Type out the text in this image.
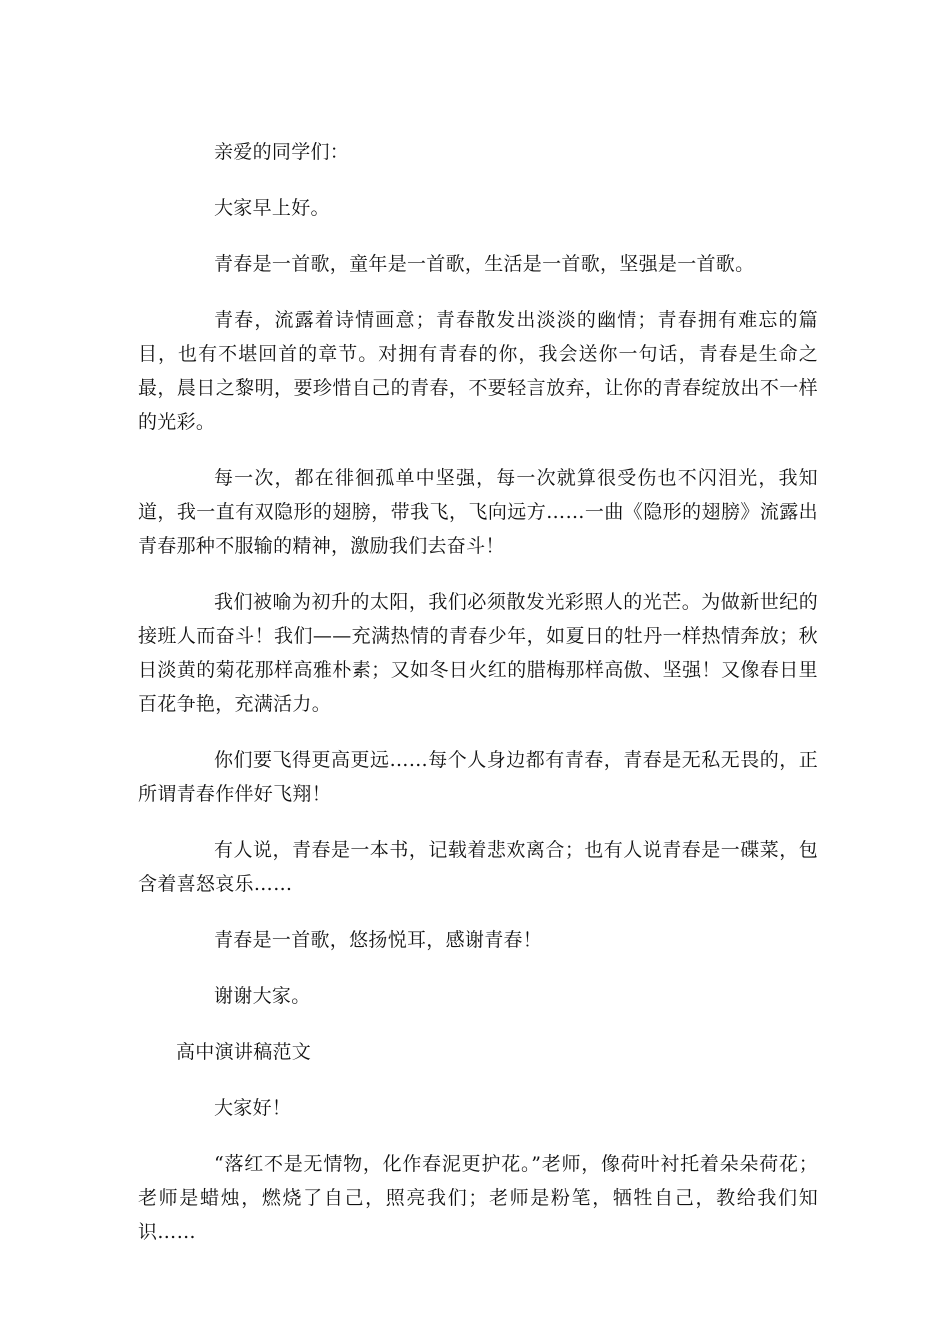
亲爱的同学们：

大家早上好。

青春是一首歌，童年是一首歌，生活是一首歌，坚强是一首歌。

青春，流露着诗情画意；青春散发出淡淡的幽情；青春拥有难忘的篇目，也有不堪回首的章节。对拥有青春的你，我会送你一句话，青春是生命之最，晨日之黎明，要珍惜自己的青春，不要轻言放弃，让你的青春绽放出不一样的光彩。

每一次，都在徘徊孤单中坚强，每一次就算很受伤也不闪泪光，我知道，我一直有双隐形的翅膀，带我飞，飞向远方……一曲《隐形的翅膀》流露出青春那种不服输的精神，激励我们去奋斗！

我们被喻为初升的太阳，我们必须散发光彩照人的光芒。为做新世纪的接班人而奋斗！我们——充满热情的青春少年，如夏日的牡丹一样热情奔放；秋日淡黄的菊花那样高雅朴素；又如冬日火红的腊梅那样高傲、坚强！又像春日里百花争艳，充满活力。

你们要飞得更高更远……每个人身边都有青春，青春是无私无畏的，正所谓青春作伴好飞翔！

有人说，青春是一本书，记载着悲欢离合；也有人说青春是一碟菜，包含着喜怒哀乐……

青春是一首歌，悠扬悦耳，感谢青春！

谢谢大家。

高中演讲稿范文

大家好！

“落红不是无情物，化作春泥更护花。”老师，像荷叶衬托着朵朵荷花；老师是蜡烛，燃烧了自己，照亮我们；老师是粉笔，牺牲自己，教给我们知识……
